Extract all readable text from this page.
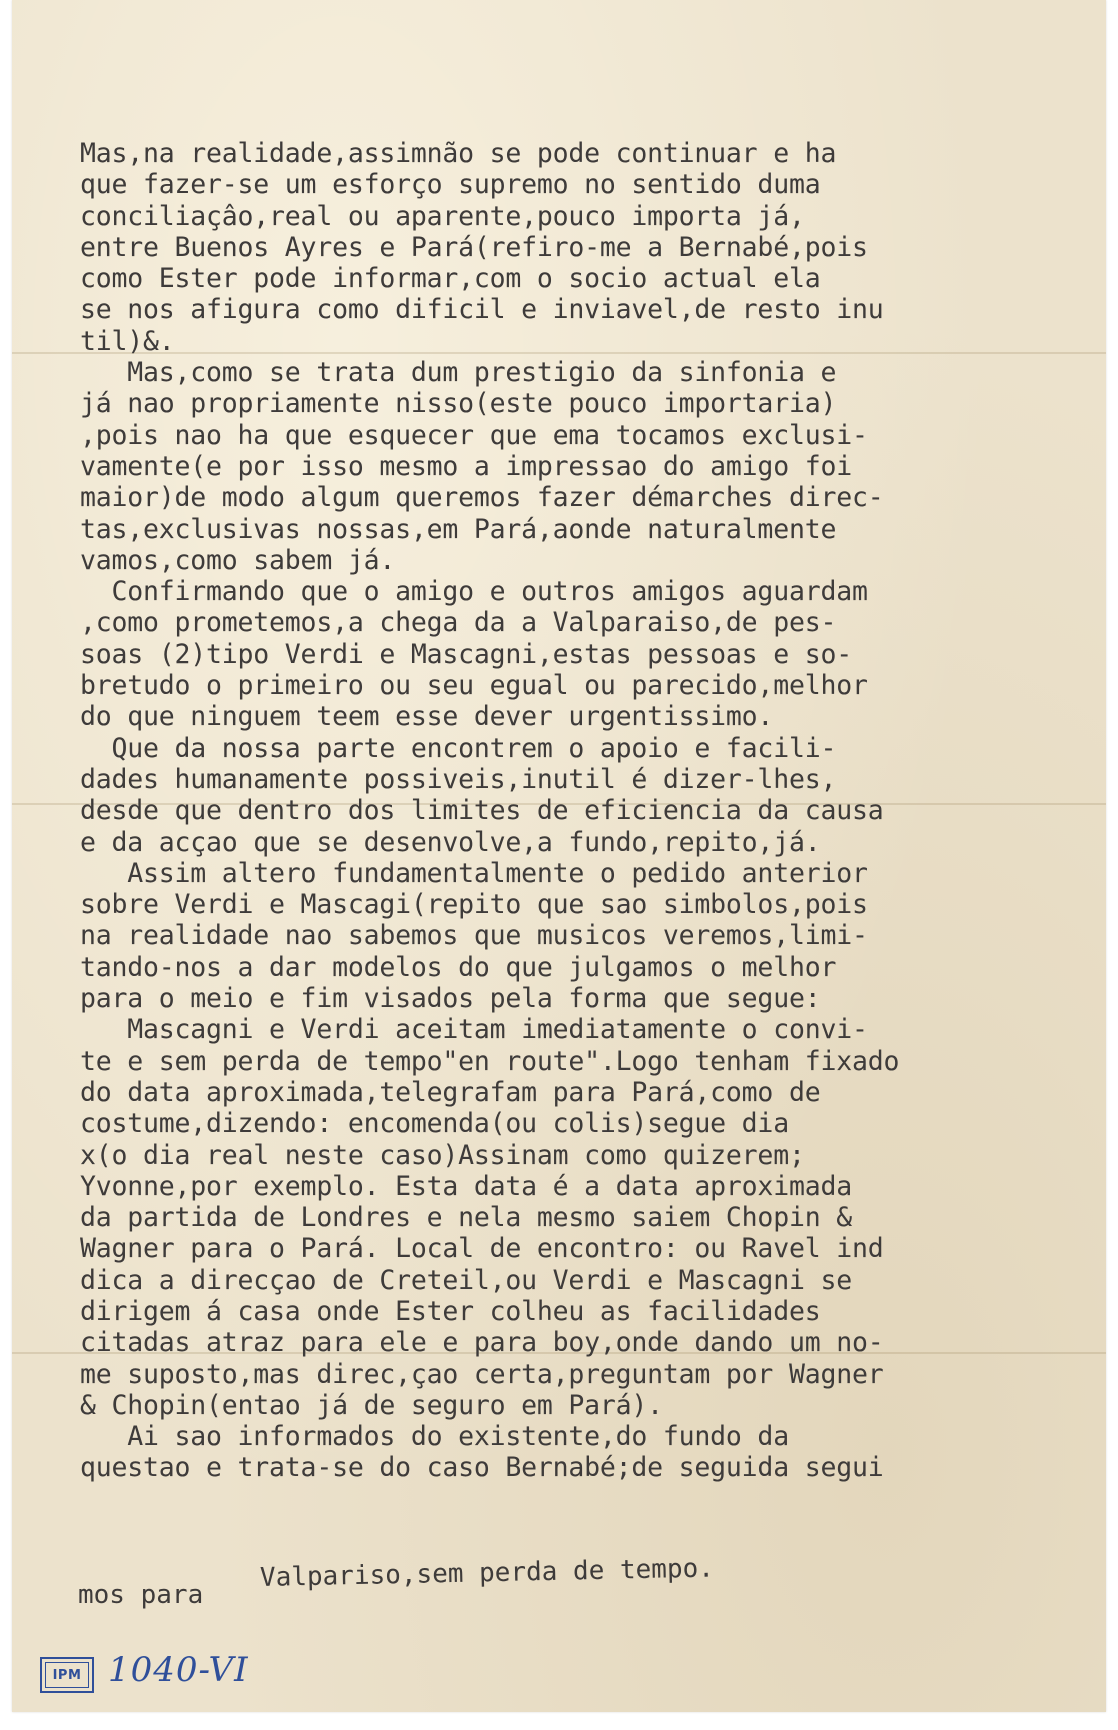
Mas,na realidade,assimnão se pode continuar e ha
que fazer-se um esforço supremo no sentido duma
conciliaçâo,real ou aparente,pouco importa já,
entre Buenos Ayres e Pará(refiro-me a Bernabé,pois
como Ester pode informar,com o socio actual ela
se nos afigura como dificil e inviavel,de resto inu
til)&.
Mas,como se trata dum prestigio da sinfonia e
já nao propriamente nisso(este pouco importaria)
,pois nao ha que esquecer que ema tocamos exclusi-
vamente(e por isso mesmo a impressao do amigo foi
maior)de modo algum queremos fazer démarches direc-
tas,exclusivas nossas,em Pará,aonde naturalmente
vamos,como sabem já.
Confirmando que o amigo e outros amigos aguardam
,como prometemos,a chega da a Valparaiso,de pes-
soas (2)tipo Verdi e Mascagni,estas pessoas e so-
bretudo o primeiro ou seu egual ou parecido,melhor
do que ninguem teem esse dever urgentissimo.
Que da nossa parte encontrem o apoio e facili-
dades humanamente possiveis,inutil é dizer-lhes,
desde que dentro dos limites de eficiencia da causa
e da acçao que se desenvolve,a fundo,repito,já.
Assim altero fundamentalmente o pedido anterior
sobre Verdi e Mascagi(repito que sao simbolos,pois
na realidade nao sabemos que musicos veremos,limi-
tando-nos a dar modelos do que julgamos o melhor
para o meio e fim visados pela forma que segue:
Mascagni e Verdi aceitam imediatamente o convi-
te e sem perda de tempo"en route".Logo tenham fixado
do data aproximada,telegrafam para Pará,como de
costume,dizendo: encomenda(ou colis)segue dia
x(o dia real neste caso)Assinam como quizerem;
Yvonne,por exemplo. Esta data é a data aproximada
da partida de Londres e nela mesmo saiem Chopin &
Wagner para o Pará. Local de encontro: ou Ravel ind
dica a direcçao de Creteil,ou Verdi e Mascagni se
dirigem á casa onde Ester colheu as facilidades
citadas atraz para ele e para boy,onde dando um no-
me suposto,mas direc,çao certa,preguntam por Wagner
& Chopin(entao já de seguro em Pará).
Ai sao informados do existente,do fundo da
questao e trata-se do caso Bernabé;de seguida segui
mos para
Valpariso,sem perda de tempo.
IPM 1040-VI
